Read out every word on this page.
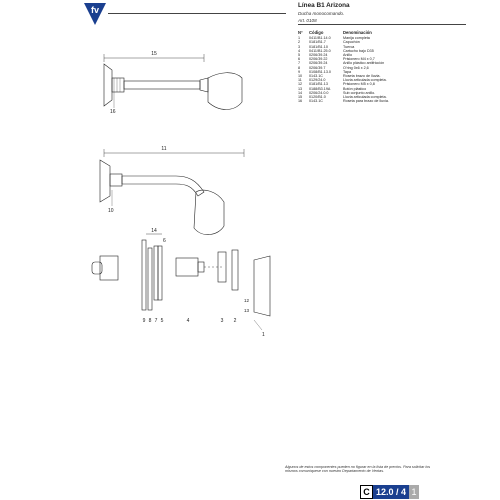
fv	Línea B1 Arizona
Ducha monocomando.
Art. 0108
N°	Código	Denominación
1	0411/B1.14.0	Manija completa
2	0181/B1.7	Capuchón
3	0181/B1.10	Tuerca
4	0411/B1.25.0	Cartucho bajo D35
5	0206/39.24	Anillo
6	0206/39.22	Prisionero M4 x 0,7
7	0206/39.24	Anillo plástico antifricción
8	0206/39.7	O'ring 0x6 x 2,6
9	0108/B1.13.0	Tapa
10	0143.1C	Roseta brazo de lluvia.
11	0129/24.0	Lluvia articulada completa.
12	0181/B1.13	Prisionero M5 x 0,8
13	0188/B3.19A	Botón plástico
14	0206/24.0.0	Sub conjunto anillo.
15	0120/B1.0	Lluvia articulada completa.
16	0143.1C	Roseta para brazo de lluvia.
15
16
11
10
14
6
12
13
1
9 8 7 5	4	3 2
Algunos de estos componentes pueden no figurar en la lista de precios. Para solicitar los mismos comuníquese con nuestro Departamento de Ventas.
C 12.0 / 4 1
